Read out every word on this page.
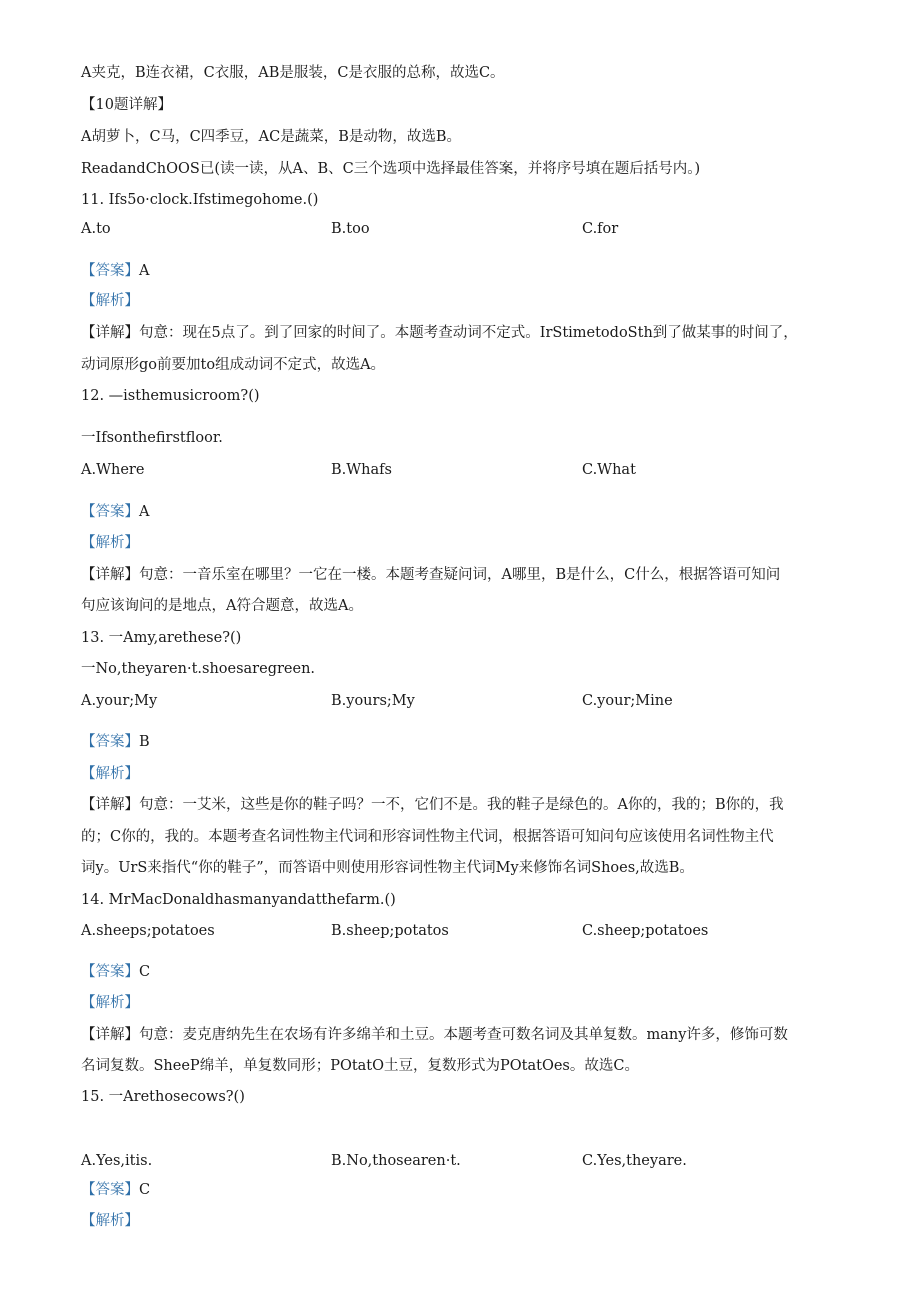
A夹克，B连衣裙，C衣服，AB是服装，C是衣服的总称，故选C。
【10题详解】
A胡萝卜，C马，C四季豆，AC是蔬菜，B是动物，故选B。
ReadandChOOS已(读一读，从A、B、C三个选项中选择最佳答案，并将序号填在题后括号内。)
11. Ifs5o·clock.Ifstimegohome.()
A.to	B.too	C.for
【答案】A
【解析】
【详解】句意：现在5点了。到了回家的时间了。本题考查动词不定式。IrStimetodoSth到了做某事的时间了，
动词原形go前要加to组成动词不定式，故选A。
12. —isthemusicroom?()
一Ifsonthefirstfloor.
A.Where	B.Whafs	C.What
【答案】A
【解析】
【详解】句意：一音乐室在哪里？一它在一楼。本题考查疑问词，A哪里，B是什么，C什么，根据答语可知问
句应该询问的是地点，A符合题意，故选A。
13. 一Amy,arethese?()
一No,theyaren·t.shoesaregreen.
A.your;My	B.yours;My	C.your;Mine
【答案】B
【解析】
【详解】句意：一艾米，这些是你的鞋子吗？一不，它们不是。我的鞋子是绿色的。A你的，我的；B你的，我
的；C你的，我的。本题考查名词性物主代词和形容词性物主代词，根据答语可知问句应该使用名词性物主代
词y。UrS来指代“你的鞋子”，而答语中则使用形容词性物主代词My来修饰名词Shoes,故选B。
14. MrMacDonaldhasmanyandatthefarm.()
A.sheeps;potatoes	B.sheep;potatos	C.sheep;potatoes
【答案】C
【解析】
【详解】句意：麦克唐纳先生在农场有许多绵羊和土豆。本题考查可数名词及其单复数。many许多，修饰可数
名词复数。SheeP绵羊，单复数同形；POtatO土豆，复数形式为POtatOes。故选C。
15. 一Arethosecows?()
A.Yes,itis.	B.No,thosearen·t.	C.Yes,theyare.
【答案】C
【解析】
